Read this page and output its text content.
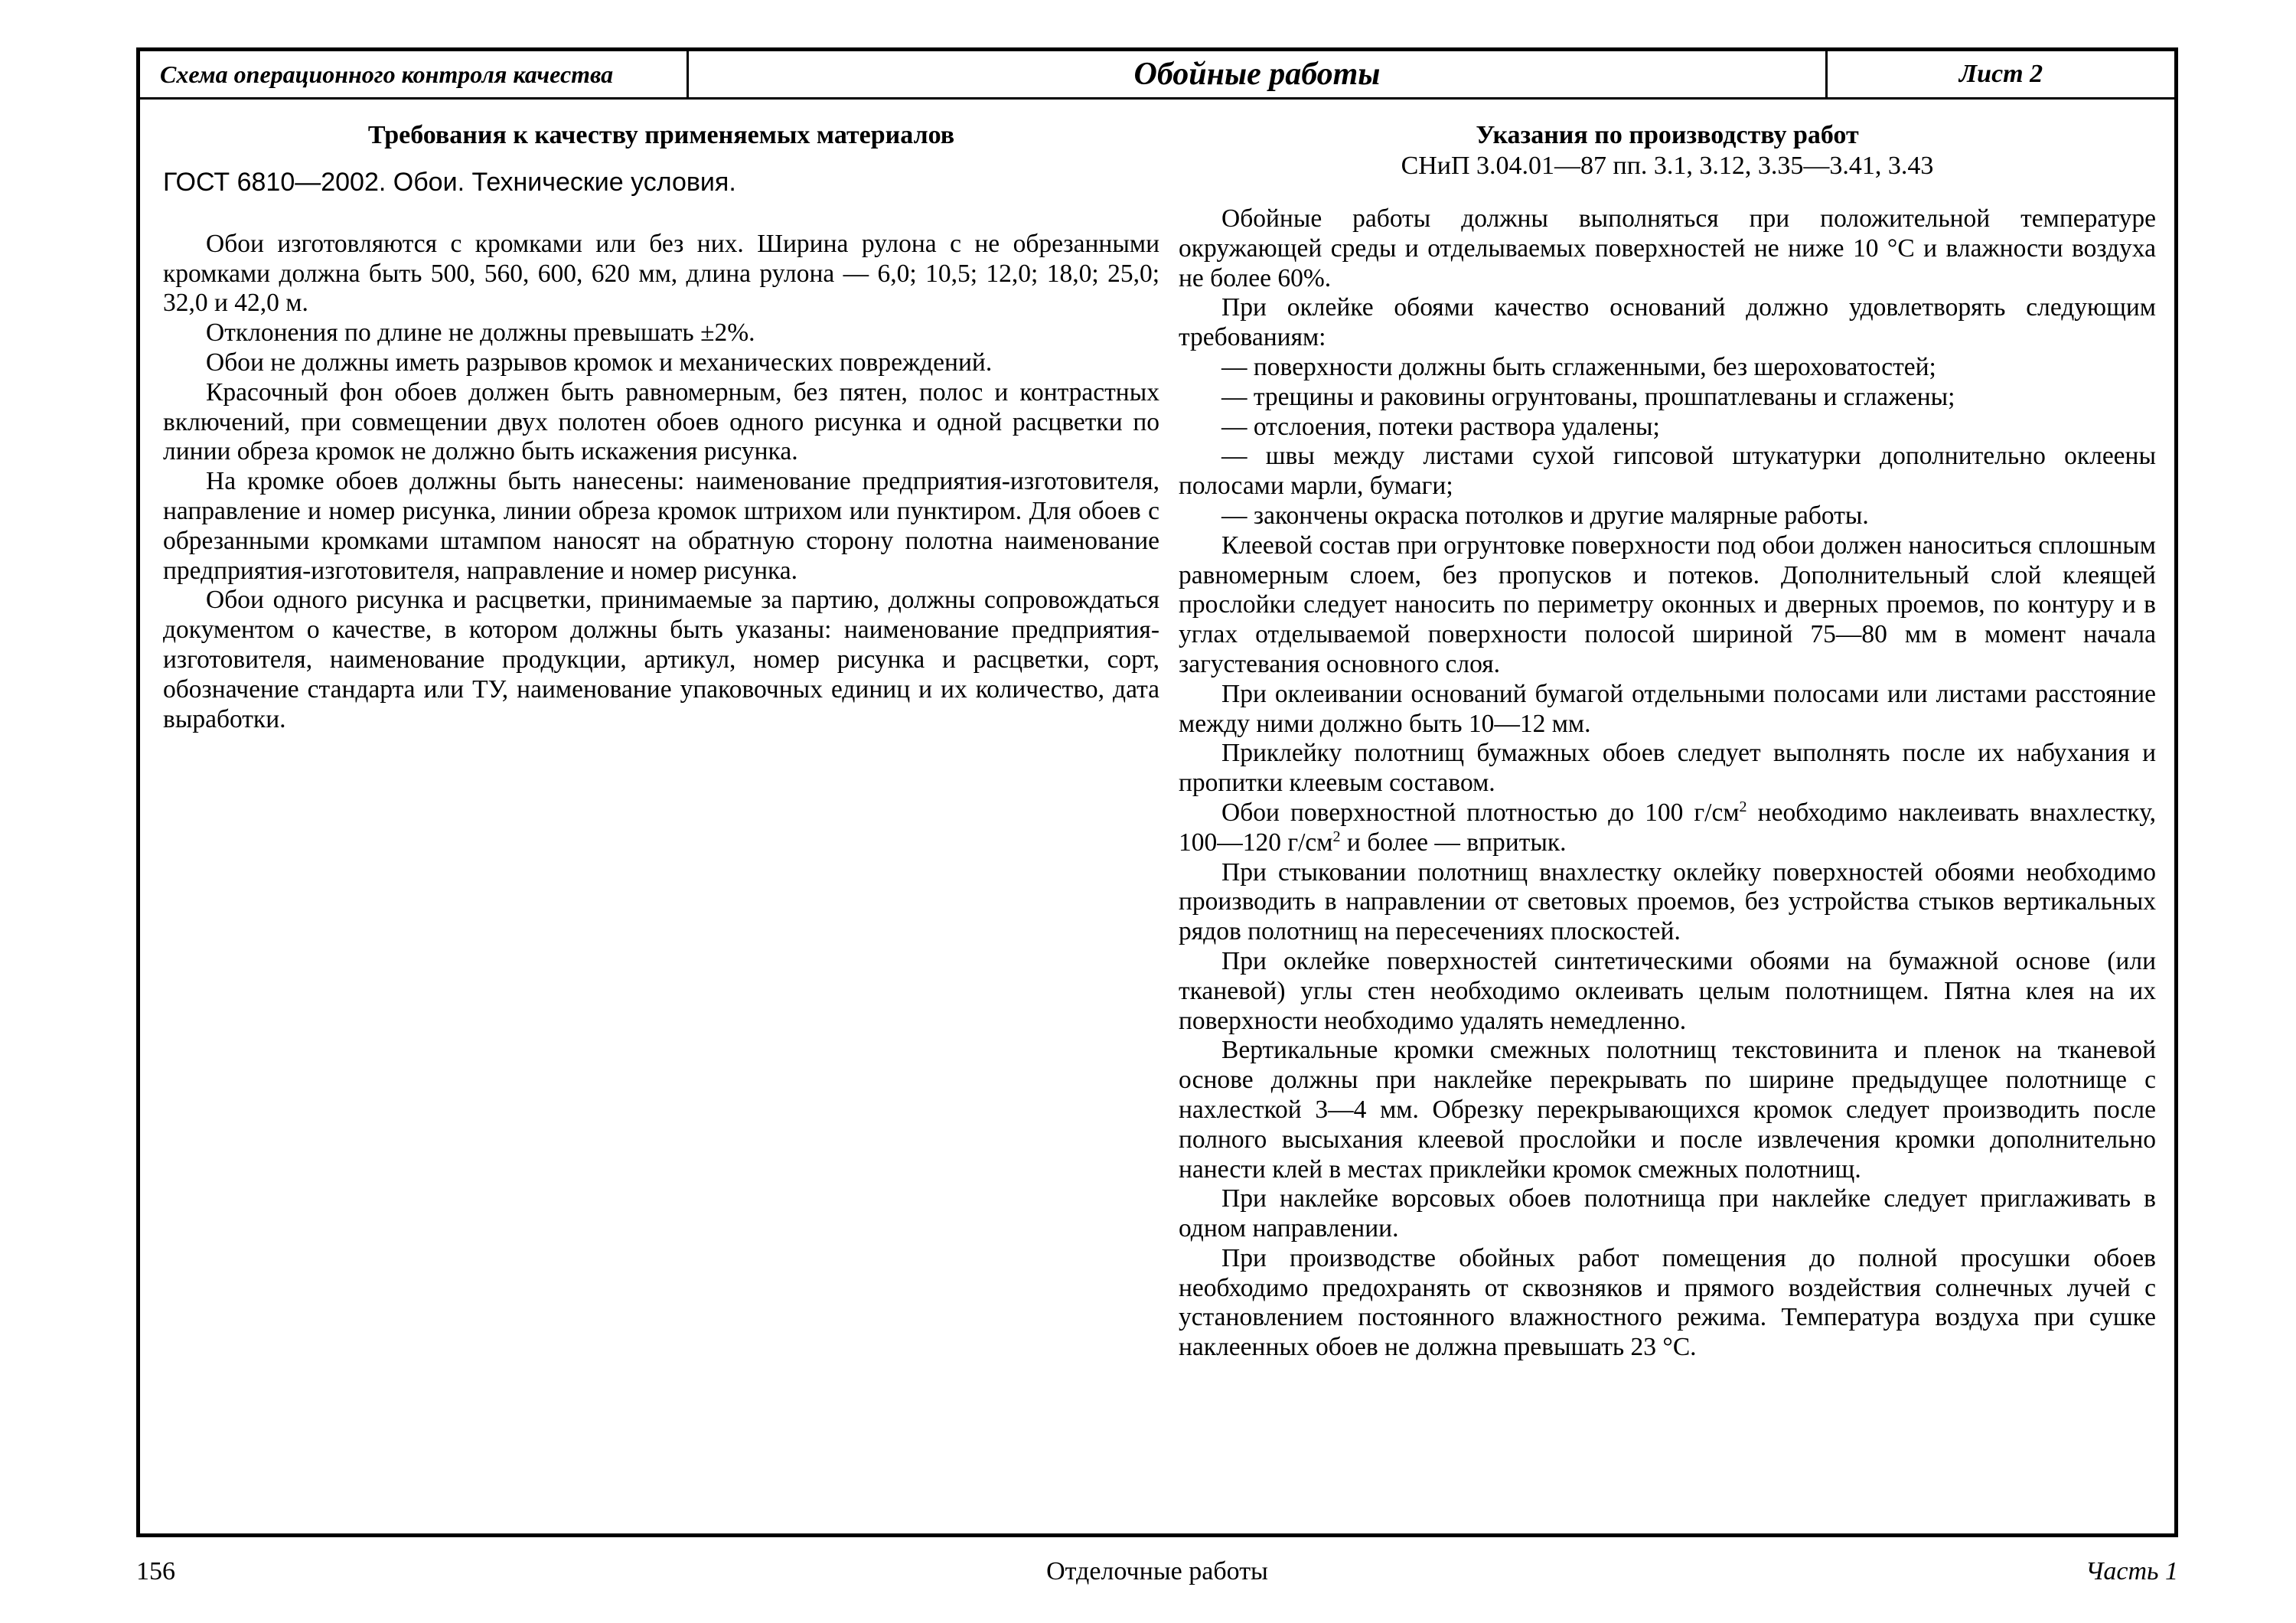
Схема операционного контроля качества	Обойные работы	Лист 2
Требования к качеству применяемых материалов
ГОСТ 6810—2002. Обои. Технические условия.

Обои изготовляются с кромками или без них. Ширина рулона с не обрезанными кромками должна быть 500, 560, 600, 620 мм, длина рулона — 6,0; 10,5; 12,0; 18,0; 25,0; 32,0 и 42,0 м.

Отклонения по длине не должны превышать ±2%.

Обои не должны иметь разрывов кромок и механических повреждений.

Красочный фон обоев должен быть равномерным, без пятен, полос и контрастных включений, при совмещении двух полотен обоев одного рисунка и одной расцветки по линии обреза кромок не должно быть искажения рисунка.

На кромке обоев должны быть нанесены: наименование предприятия-изготовителя, направление и номер рисунка, линии обреза кромок штрихом или пунктиром. Для обоев с обрезанными кромками штампом наносят на обратную сторону полотна наименование предприятия-изготовителя, направление и номер рисунка.

Обои одного рисунка и расцветки, принимаемые за партию, должны сопровождаться документом о качестве, в котором должны быть указаны: наименование предприятия-изготовителя, наименование продукции, артикул, номер рисунка и расцветки, сорт, обозначение стандарта или ТУ, наименование упаковочных единиц и их количество, дата выработки.

Указания по производству работ
СНиП 3.04.01—87 пп. 3.1, 3.12, 3.35—3.41, 3.43

Обойные работы должны выполняться при положительной температуре окружающей среды и отделываемых поверхностей не ниже 10 °С и влажности воздуха не более 60%.

При оклейке обоями качество оснований должно удовлетворять следующим требованиям:

— поверхности должны быть сглаженными, без шероховатостей;

— трещины и раковины огрунтованы, прошпатлеваны и сглажены;

— отслоения, потеки раствора удалены;

— швы между листами сухой гипсовой штукатурки дополнительно оклеены полосами марли, бумаги;

— закончены окраска потолков и другие малярные работы.

Клеевой состав при огрунтовке поверхности под обои должен наноситься сплошным равномерным слоем, без пропусков и потеков. Дополнительный слой клеящей прослойки следует наносить по периметру оконных и дверных проемов, по контуру и в углах отделываемой поверхности полосой шириной 75—80 мм в момент начала загустевания основного слоя.

При оклеивании оснований бумагой отдельными полосами или листами расстояние между ними должно быть 10—12 мм.

Приклейку полотнищ бумажных обоев следует выполнять после их набухания и пропитки клеевым составом.

Обои поверхностной плотностью до 100 $г/см^2$ необходимо наклеивать внахлестку, 100—120 $г/см^2$ и более — впритык.

При стыковании полотнищ внахлестку оклейку поверхностей обоями необходимо производить в направлении от световых проемов, без устройства стыков вертикальных рядов полотнищ на пересечениях плоскостей.

При оклейке поверхностей синтетическими обоями на бумажной основе (или тканевой) углы стен необходимо оклеивать целым полотнищем. Пятна клея на их поверхности необходимо удалять немедленно.

Вертикальные кромки смежных полотнищ текстовинита и пленок на тканевой основе должны при наклейке перекрывать по ширине предыдущее полотнище с нахлесткой 3—4 мм. Обрезку перекрывающихся кромок следует производить после полного высыхания клеевой прослойки и после извлечения кромки дополнительно нанести клей в местах приклейки кромок смежных полотнищ.

При наклейке ворсовых обоев полотнища при наклейке следует приглаживать в одном направлении.

При производстве обойных работ помещения до полной просушки обоев необходимо предохранять от сквозняков и прямого воздействия солнечных лучей с установлением постоянного влажностного режима. Температура воздуха при сушке наклеенных обоев не должна превышать 23 °С.

156	Отделочные работы	Часть 1
